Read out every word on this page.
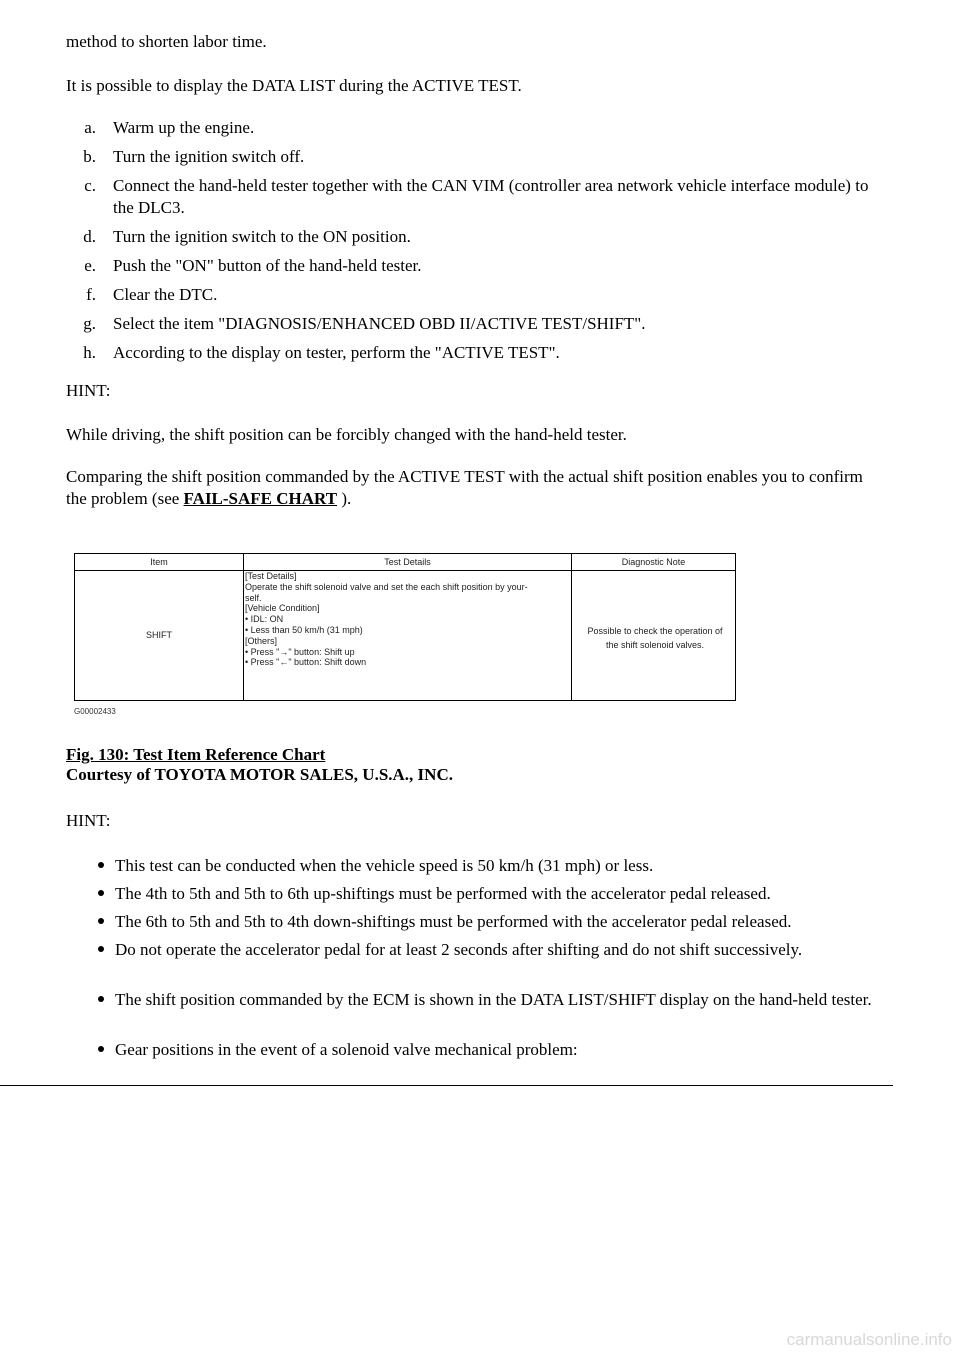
method to shorten labor time.

It is possible to display the DATA LIST during the ACTIVE TEST.

a. Warm up the engine.
b. Turn the ignition switch off.
c. Connect the hand-held tester together with the CAN VIM (controller area network vehicle interface module) to the DLC3.
d. Turn the ignition switch to the ON position.
e. Push the "ON" button of the hand-held tester.
f. Clear the DTC.
g. Select the item "DIAGNOSIS/ENHANCED OBD II/ACTIVE TEST/SHIFT".
h. According to the display on tester, perform the "ACTIVE TEST".

HINT:

While driving, the shift position can be forcibly changed with the hand-held tester.

Comparing the shift position commanded by the ACTIVE TEST with the actual shift position enables you to confirm the problem (see FAIL-SAFE CHART ).

Item	Test Details	Diagnostic Note
SHIFT
[Test Details]
Operate the shift solenoid valve and set the each shift position by your-
self.
[Vehicle Condition]
• IDL: ON
• Less than 50 km/h (31 mph)
[Others]
• Press "→" button: Shift up
• Press "←" button: Shift down
Possible to check the operation of the shift solenoid valves.
G00002433
Fig. 130: Test Item Reference Chart
Courtesy of TOYOTA MOTOR SALES, U.S.A., INC.

HINT:

This test can be conducted when the vehicle speed is 50 km/h (31 mph) or less.
The 4th to 5th and 5th to 6th up-shiftings must be performed with the accelerator pedal released.
The 6th to 5th and 5th to 4th down-shiftings must be performed with the accelerator pedal released.
Do not operate the accelerator pedal for at least 2 seconds after shifting and do not shift successively.
The shift position commanded by the ECM is shown in the DATA LIST/SHIFT display on the hand-held tester.
Gear positions in the event of a solenoid valve mechanical problem:
carmanualsonline.info
